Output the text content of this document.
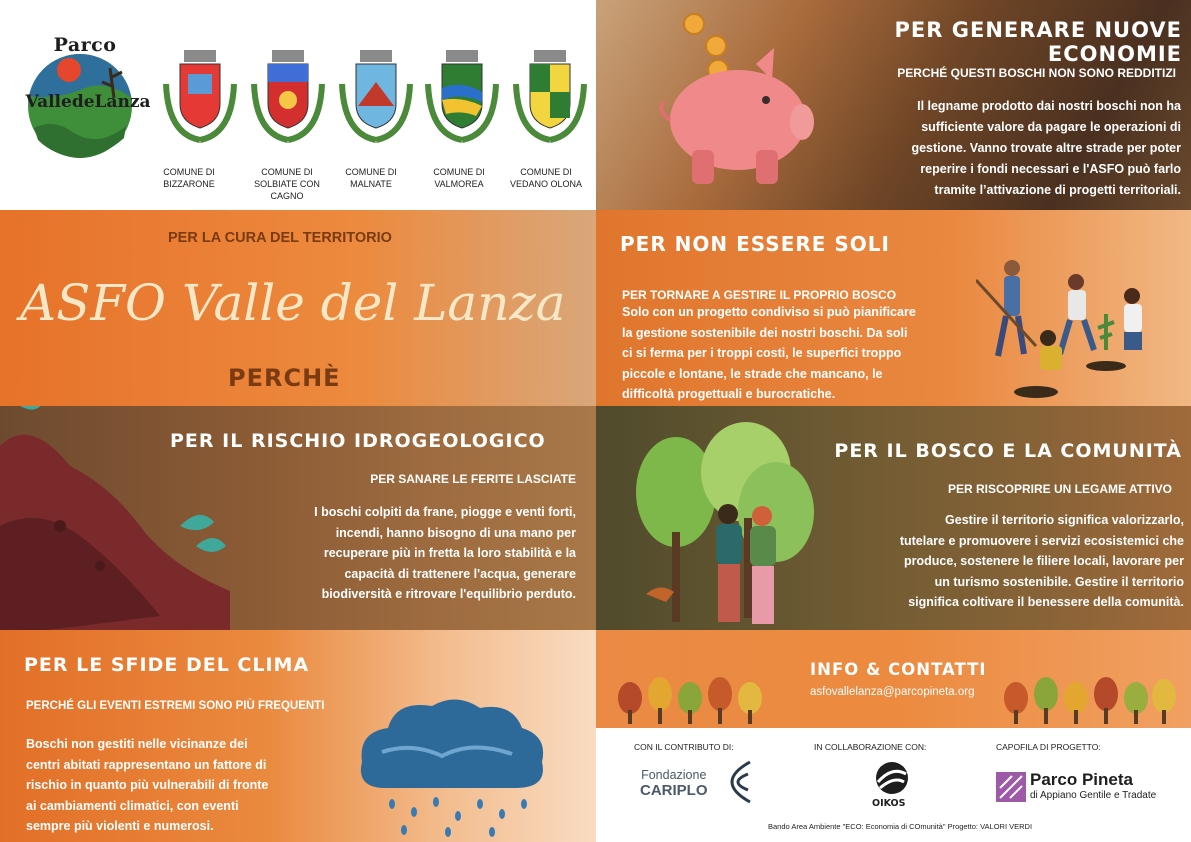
Parco
ValledeLanza
COMUNE DI
BIZZARONE
COMUNE DI
SOLBIATE CON CAGNO
COMUNE DI
MALNATE
COMUNE DI
VALMOREA
COMUNE DI
VEDANO OLONA
PER GENERARE NUOVE ECONOMIE
PERCHÉ QUESTI BOSCHI NON SONO REDDITIZI
Il legname prodotto dai nostri boschi non ha
sufficiente valore da pagare le operazioni di
gestione. Vanno trovate altre strade per poter
reperire i fondi necessari e l'ASFO può farlo
tramite l’attivazione di progetti territoriali.
PER LA CURA DEL TERRITORIO
ASFO Valle del Lanza
PERCHÈ
PER NON ESSERE SOLI
PER TORNARE A GESTIRE IL PROPRIO BOSCO
Solo con un progetto condiviso si può pianificare
la gestione sostenibile dei nostri boschi. Da soli
ci si ferma per i troppi costi, le superfici troppo
piccole e lontane, le strade che mancano, le
difficoltà progettuali e burocratiche.
PER IL RISCHIO IDROGEOLOGICO
PER SANARE LE FERITE LASCIATE
I boschi colpiti da frane, piogge e venti forti,
incendi, hanno bisogno di una mano per
recuperare più in fretta la loro stabilità e la
capacità di trattenere l'acqua, generare
biodiversità e ritrovare l'equilibrio perduto.
PER IL BOSCO E LA COMUNITÀ
PER RISCOPRIRE UN LEGAME ATTIVO
Gestire il territorio significa valorizzarlo,
tutelare e promuovere i servizi ecosistemici che
produce, sostenere le filiere locali, lavorare per
un turismo sostenibile. Gestire il territorio
significa coltivare il benessere della comunità.
PER LE SFIDE DEL CLIMA
PERCHÉ GLI EVENTI ESTREMI SONO PIÙ FREQUENTI
Boschi non gestiti nelle vicinanze dei
centri abitati rappresentano un fattore di
rischio in quanto più vulnerabili di fronte
ai cambiamenti climatici, con eventi
sempre più violenti e numerosi.
INFO & CONTATTI
asfovallelanza@parcopineta.org
CON IL CONTRIBUTO DI:	IN COLLABORAZIONE CON:	CAPOFILA DI PROGETTO:
Fondazione
CARIPLO
OIKOS
Parco Pineta
di Appiano Gentile e Tradate
Bando Area Ambiente "ECO: Economia di COmunità" Progetto: VALORI VERDI
